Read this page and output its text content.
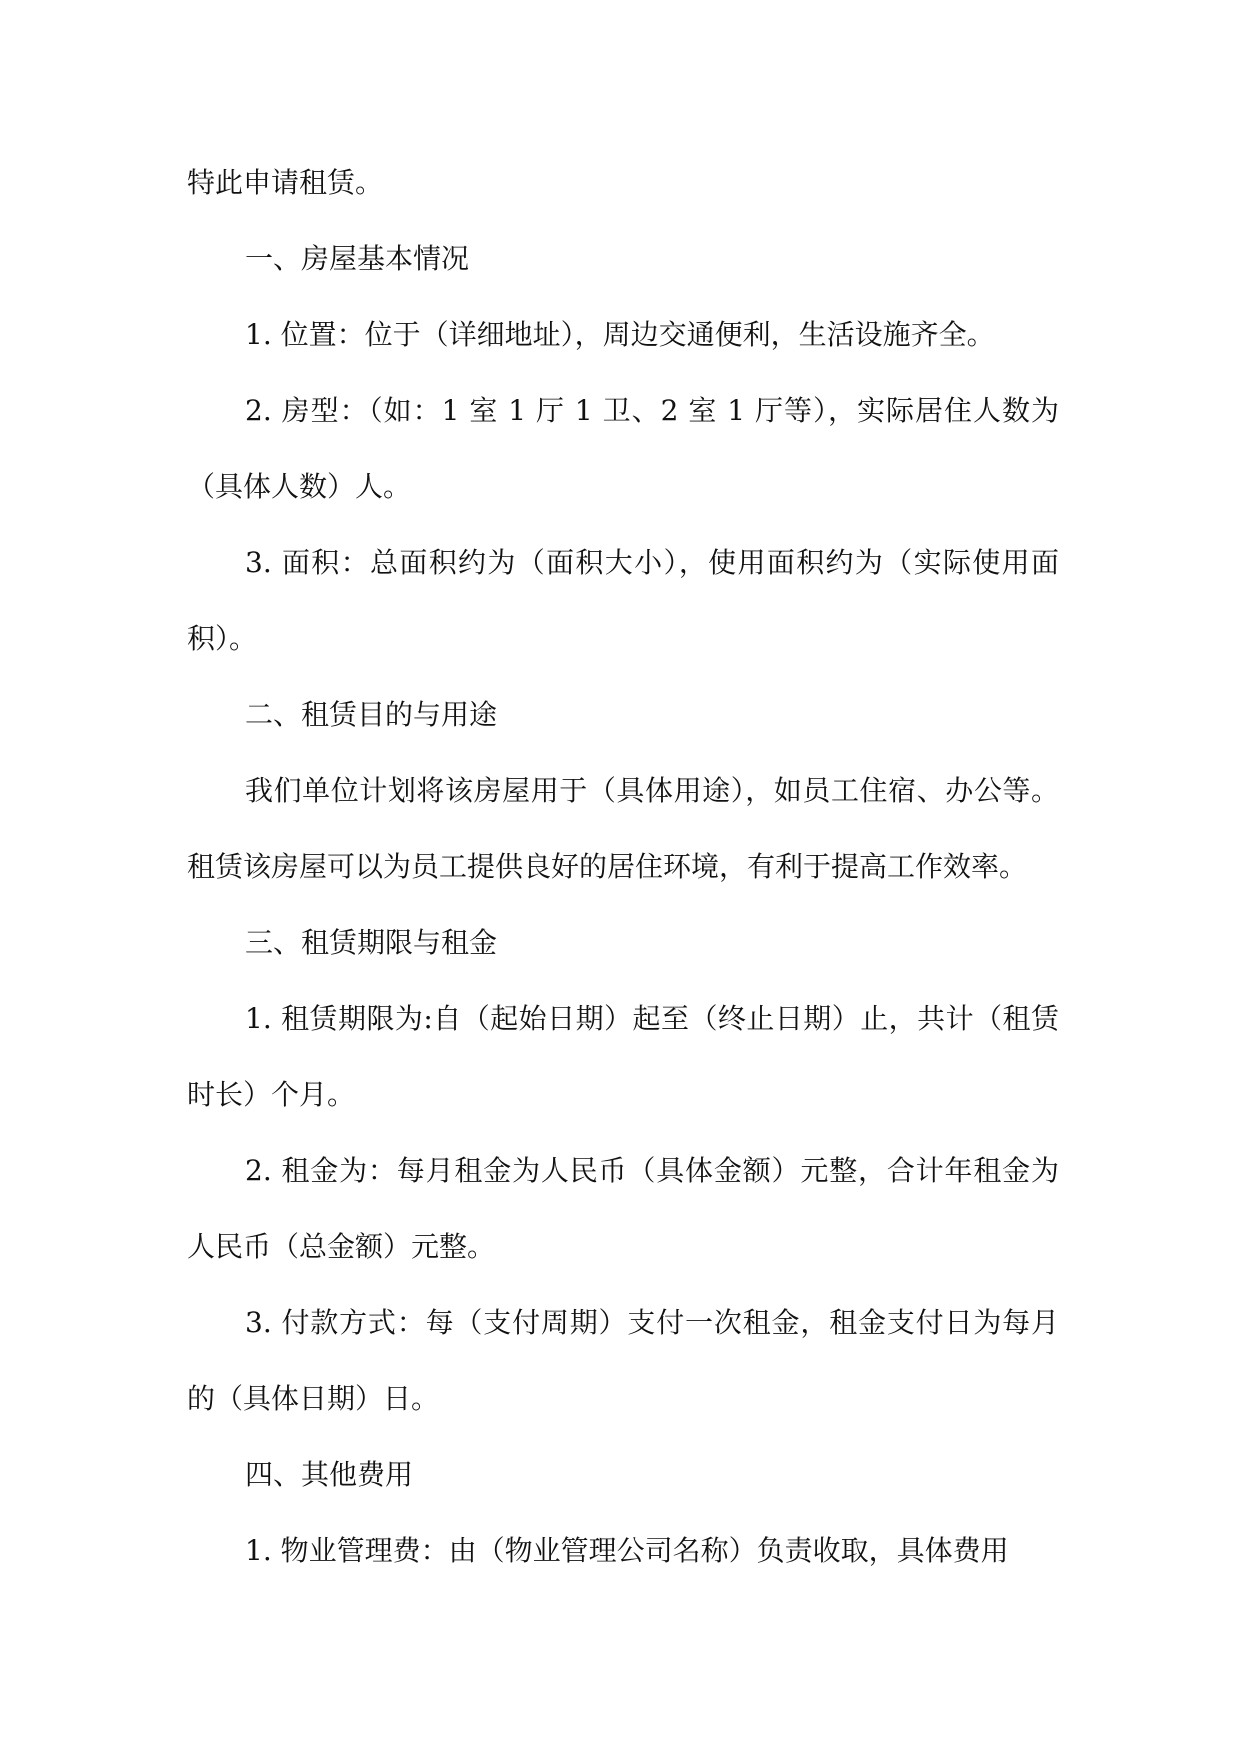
特此申请租赁。

一、房屋基本情况

1. 位置：位于（详细地址），周边交通便利，生活设施齐全。

2. 房型：（如：1 室 1 厅 1 卫、2 室 1 厅等），实际居住人数为（具体人数）人。

3. 面积：总面积约为（面积大小），使用面积约为（实际使用面积）。

二、租赁目的与用途

我们单位计划将该房屋用于（具体用途），如员工住宿、办公等。租赁该房屋可以为员工提供良好的居住环境，有利于提高工作效率。

三、租赁期限与租金

1. 租赁期限为:自（起始日期）起至（终止日期）止，共计（租赁时长）个月。

2. 租金为：每月租金为人民币（具体金额）元整，合计年租金为人民币（总金额）元整。

3. 付款方式：每（支付周期）支付一次租金，租金支付日为每月的（具体日期）日。

四、其他费用

1. 物业管理费：由（物业管理公司名称）负责收取，具体费用
